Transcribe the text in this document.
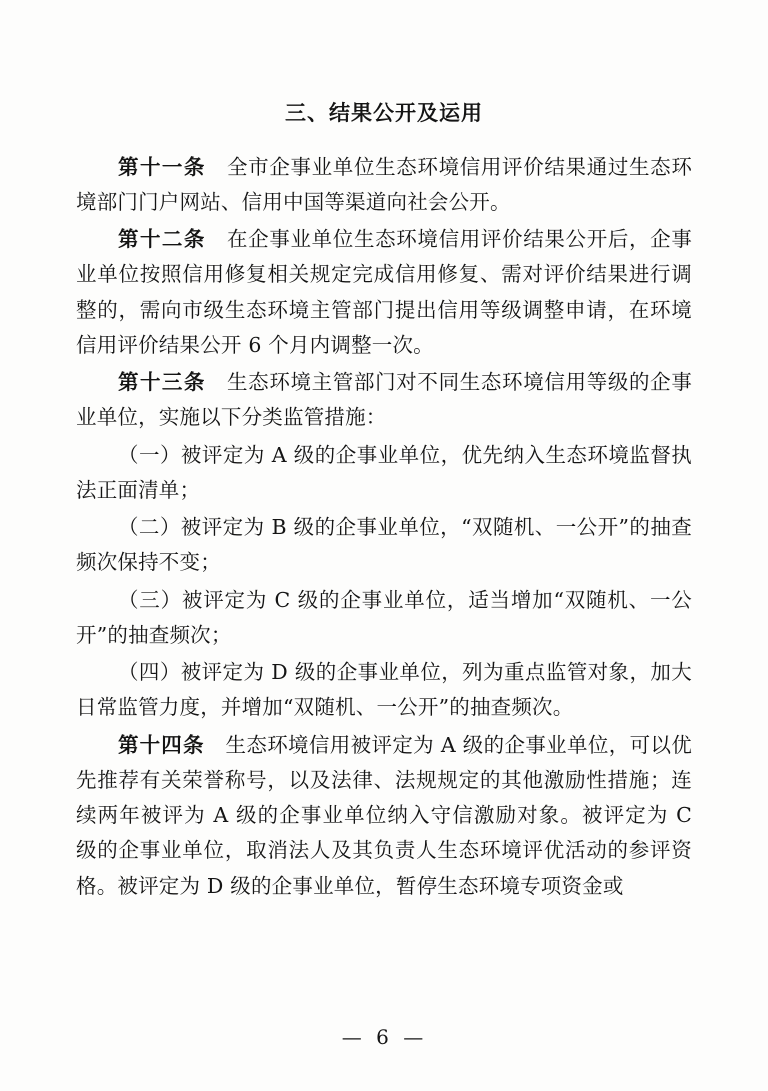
三、结果公开及运用

第十一条　 全市企事业单位生态环境信用评价结果通过生态环境部门门户网站、信用中国等渠道向社会公开。

第十二条　 在企事业单位生态环境信用评价结果公开后，企事业单位按照信用修复相关规定完成信用修复、需对评价结果进行调整的，需向市级生态环境主管部门提出信用等级调整申请，在环境信用评价结果公开 6 个月内调整一次。

第十三条　 生态环境主管部门对不同生态环境信用等级的企事业单位，实施以下分类监管措施：

（一）被评定为 A 级的企事业单位，优先纳入生态环境监督执法正面清单；

（二）被评定为 B 级的企事业单位，“双随机、一公开”的抽查频次保持不变；

（三）被评定为 C 级的企事业单位，适当增加“双随机、一公开”的抽查频次；

（四）被评定为 D 级的企事业单位，列为重点监管对象，加大日常监管力度，并增加“双随机、一公开”的抽查频次。

第十四条　 生态环境信用被评定为 A 级的企事业单位，可以优先推荐有关荣誉称号，以及法律、法规规定的其他激励性措施；连续两年被评为 A 级的企事业单位纳入守信激励对象。被评定为 C 级的企事业单位，取消法人及其负责人生态环境评优活动的参评资格。被评定为 D 级的企事业单位，暂停生态环境专项资金或

— 6 —
